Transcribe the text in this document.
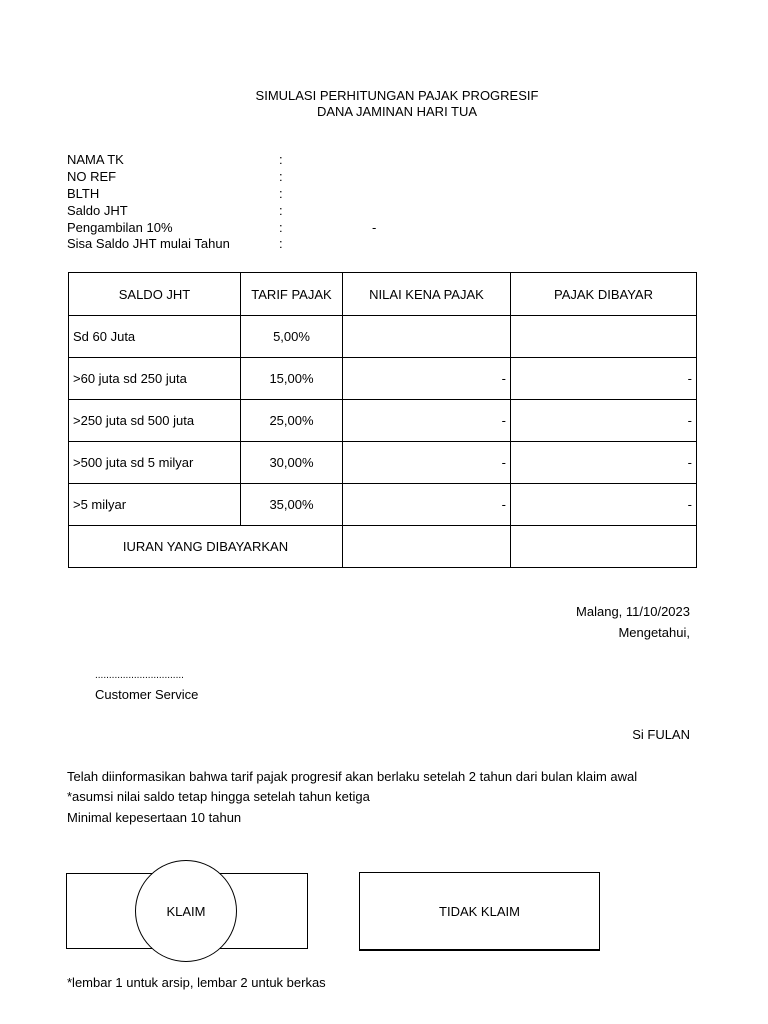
SIMULASI PERHITUNGAN PAJAK PROGRESIF
DANA JAMINAN HARI TUA
NAMA TK	:
NO REF	:
BLTH	:
Saldo JHT	:
Pengambilan 10%	:	-
Sisa Saldo JHT mulai Tahun	:
SALDO JHT	TARIF PAJAK	NILAI KENA PAJAK	PAJAK DIBAYAR
Sd 60 Juta	5,00%		
>60 juta sd 250 juta	15,00%	-	-
>250 juta sd 500 juta	25,00%	-	-
>500 juta sd 5 milyar	30,00%	-	-
>5 milyar	35,00%	-	-
IURAN YANG DIBAYARKAN			
Malang, 11/10/2023
Mengetahui,
................................
Customer Service
Si FULAN
Telah diinformasikan bahwa tarif pajak progresif akan berlaku setelah 2 tahun dari bulan klaim awal
*asumsi nilai saldo tetap hingga setelah tahun ketiga
Minimal kepesertaan 10 tahun
KLAIM	TIDAK KLAIM
*lembar 1 untuk arsip, lembar 2 untuk berkas
